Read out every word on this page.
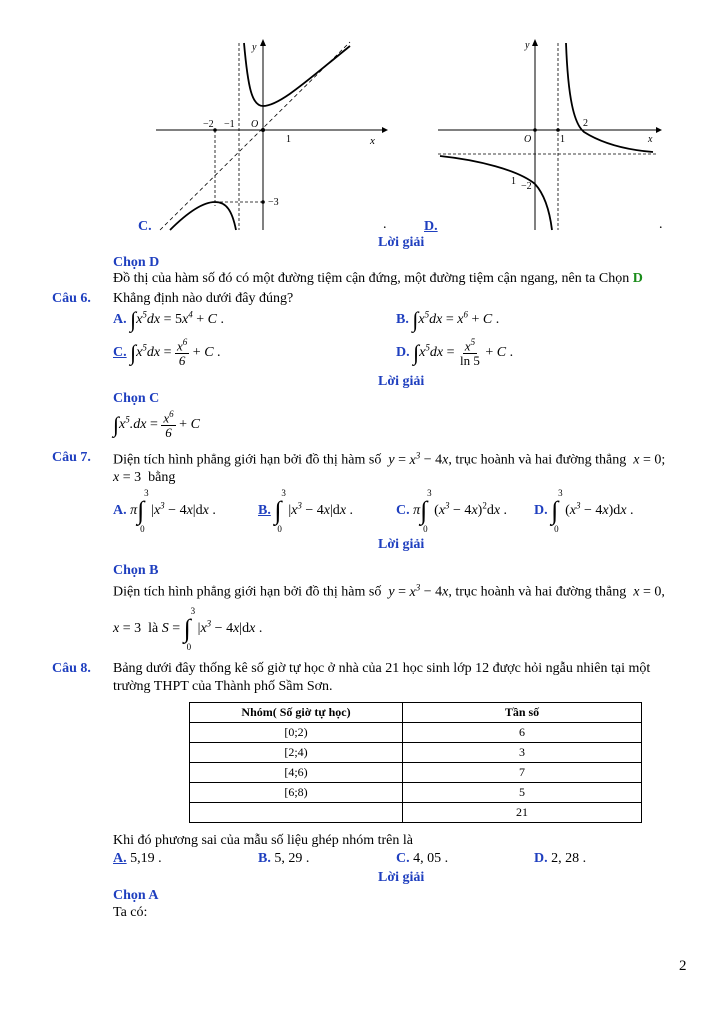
y
x
O
−2 −1
1
−3
C.	.
y
x
O	1
2
1 −2
D.	.
Lời giải
Chọn D
Đồ thị của hàm số đó có một đường tiệm cận đứng, một đường tiệm cận ngang, nên ta Chọn D
Câu 6. Khẳng định nào dưới đây đúng?
A. $\int x^5dx = 5x^4 + C$ .	B. $\int x^5dx = x^6 + C$ .
C. $\int x^5dx = \frac{x^6}{6} + C$ .	D. $\int x^5dx = \frac{x^5}{\ln 5} + C$ .
Lời giải
Chọn C
$\int x^5.dx = \frac{x^6}{6} + C$
Câu 7. Diện tích hình phẳng giới hạn bởi đồ thị hàm số $y = x^3 - 4x$, trục hoành và hai đường thẳng x = 0;
x = 3  bằng
A. π
3
∫
0
$|x^3 - 4x|dx$ .	B.
3
∫
0
$|x^3 - 4x|dx$ .	C. π
3
∫
0
$(x^3 - 4x)^2dx$ . D.
3
∫
0
$(x^3 - 4x)dx$ .
Lời giải
Chọn B
Diện tích hình phẳng giới hạn bởi đồ thị hàm số $y = x^3 - 4x$, trục hoành và hai đường thẳng x = 0,
x = 3  là S =
3
∫
0
$|x^3 - 4x|dx$ .
Câu 8. Bảng dưới đây thống kê số giờ tự học ở nhà của 21 học sinh lớp 12 được hỏi ngẫu nhiên tại một
trường THPT của Thành phố Sầm Sơn.
Nhóm( Số giờ tự học)	Tần số
[0;2)	6
[2;4)	3
[4;6)	7
[6;8)	5
	21
Khi đó phương sai của mẫu số liệu ghép nhóm trên là
A. 5,19 .	B. 5, 29 .	C. 4, 05 .	D. 2, 28 .
Lời giải
Chọn A
Ta có:
2
